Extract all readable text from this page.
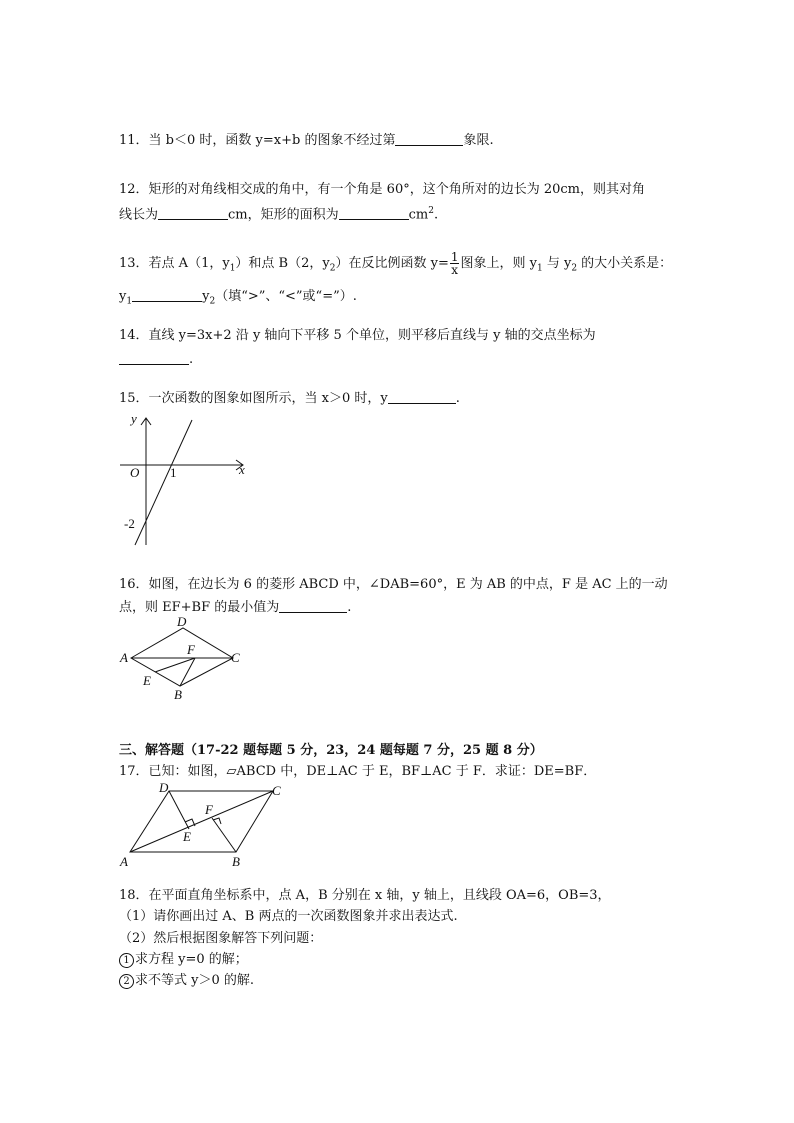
11．当 b＜0 时，函数 y=x+b 的图象不经过第	象限.
12．矩形的对角线相交成的角中，有一个角是 60°，这个角所对的边长为 20cm，则其对角
线长为	cm，矩形的面积为	$cm^2$.
13．若点 A（1，$y_1$）和点 B（2，$y_2$）在反比例函数 $y= \frac{1}{x}$ 图象上，则 $y_1$ 与 $y_2$ 的大小关系是：
$y_1$	$y_2$（填“>”、“<”或“=”）.
14．直线 y=3x+2 沿 y 轴向下平移 5 个单位，则平移后直线与 y 轴的交点坐标为
.
15．一次函数的图象如图所示，当 x＞0 时，y	.
y
x
O 1
-2
16．如图，在边长为 6 的菱形 ABCD 中，∠DAB=60°，E 为 AB 的中点，F 是 AC 上的一动
点，则 EF+BF 的最小值为	.
A
D
C
F
E
B
三、解答题（17-22 题每题 5 分，23，24 题每题 7 分，25 题 8 分）
17．已知：如图，▱ABCD 中，DE⊥AC 于 E，BF⊥AC 于 F．求证：DE=BF．
A	B
C
D
E
F
18．在平面直角坐标系中，点 A，B 分别在 x 轴，y 轴上，且线段 OA=6，OB=3，
（1）请你画出过 A、B 两点的一次函数图象并求出表达式.
（2）然后根据图象解答下列问题：
1 求方程 y=0 的解；
2 求不等式 y＞0 的解.
